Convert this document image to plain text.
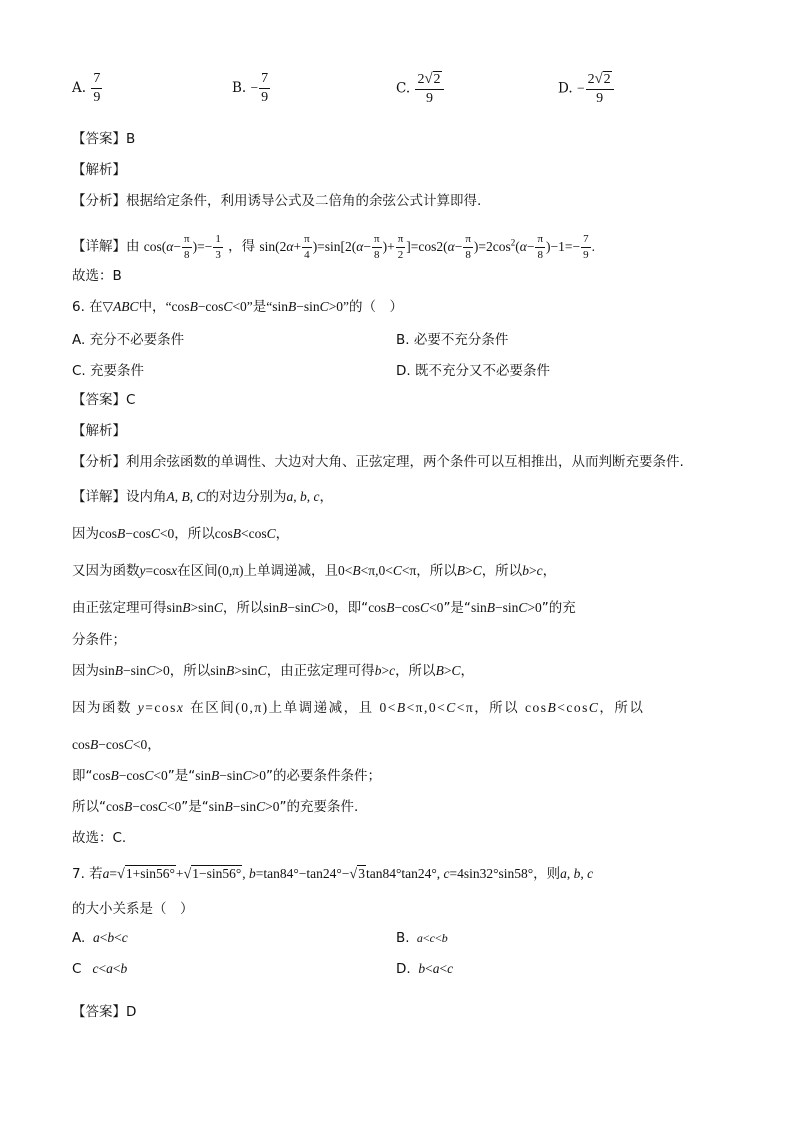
A. $\frac{7}{9}$	B. − $\frac{7}{9}$	C. $\frac{2√2}{9}$	D. − $\frac{2√2}{9}$
【答案】B
【解析】
【分析】根据给定条件，利用诱导公式及二倍角的余弦公式计算即得.
【详解】由 $\cos(\alpha- \frac{\pi}{8}$ )=− $\frac{1}{3}$ ，得 $\sin(2\alpha+ \frac{\pi}{4} )=\sin[2(\alpha- \frac{\pi}{8}$ )+ $\frac{\pi}{2} ]=\cos 2(\alpha- \frac{\pi}{8} )=2\cos^2(\alpha- \frac{\pi}{8} )-1=- \frac{7}{9}$ .
故选：B
6. 在▽ABC中，“cosB−cosC<0”是“sinB−sinC>0”的（　）
A. 充分不必要条件	B. 必要不充分条件
C. 充要条件	D. 既不充分又不必要条件
【答案】C
【解析】
【分析】利用余弦函数的单调性、大边对大角、正弦定理，两个条件可以互相推出，从而判断充要条件.
【详解】设内角A, B, C的对边分别为a, b, c，
因为cosB−cosC<0，所以cosB<cosC，
又因为函数y=cosx在区间(0,π)上单调递减，且0<B<π,0<C<π，所以B>C，所以b>c，
由正弦定理可得sinB>sinC，所以sinB−sinC>0，即“cosB−cosC<0”是“sinB−sinC>0”的充
分条件；
因为sinB−sinC>0，所以sinB>sinC，由正弦定理可得b>c，所以B>C，
因为函数 y=cosx 在区间(0,π)上单调递减，且 0<B<π,0<C<π，所以 cosB<cosC，所以
cosB−cosC<0，
即“cosB−cosC<0”是“sinB−sinC>0”的必要条件条件；
所以“cosB−cosC<0”是“sinB−sinC>0”的充要条件.
故选：C.
7. 若a=√1+sin56°+√1−sin56°, b=tan84°−tan24°−√3tan84°tan24°, c=4sin32°sin58°，则a, b, c
的大小关系是（　）
A. a<b<c	B. a<c<b
C c<a<b	D. b<a<c
【答案】D
